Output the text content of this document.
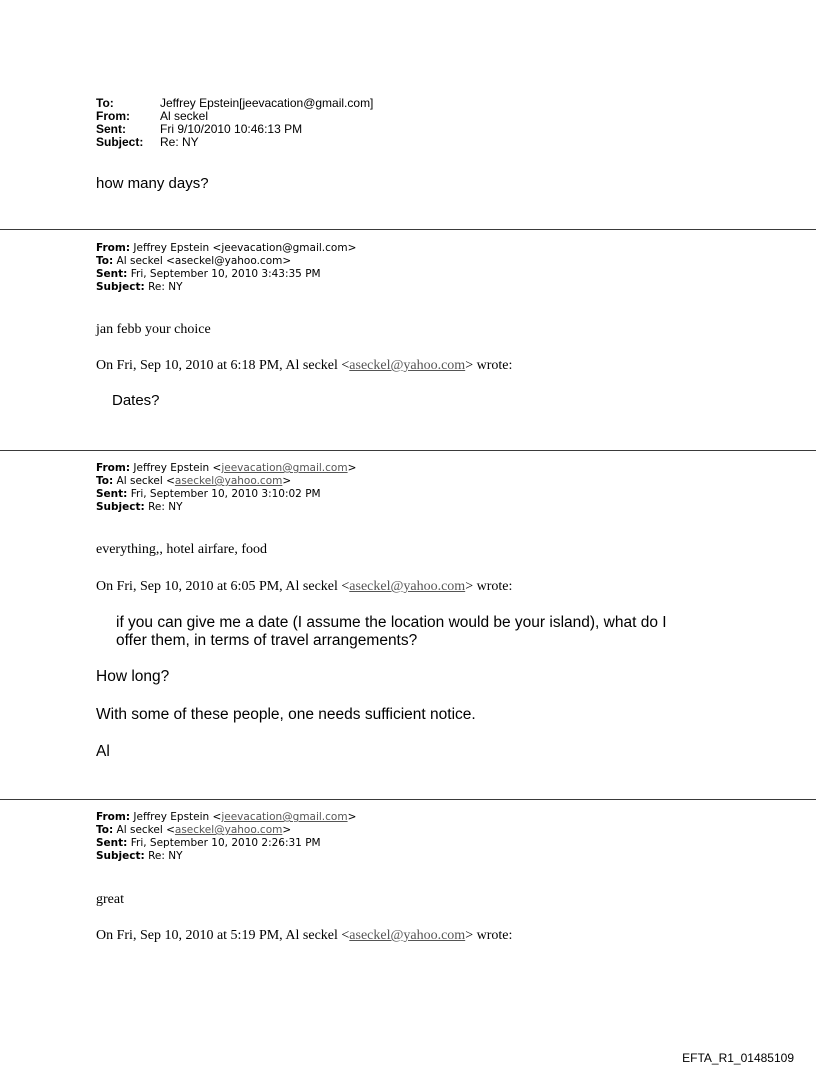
To:	Jeffrey Epstein[jeevacation@gmail.com]
From:	Al seckel
Sent:	Fri 9/10/2010 10:46:13 PM
Subject:	Re: NY
how many days?
From: Jeffrey Epstein <jeevacation@gmail.com>
To: Al seckel <aseckel@yahoo.com>
Sent: Fri, September 10, 2010 3:43:35 PM
Subject: Re: NY
jan febb your choice
On Fri, Sep 10, 2010 at 6:18 PM, Al seckel <aseckel@yahoo.com> wrote:
Dates?
From: Jeffrey Epstein <jeevacation@gmail.com>
To: Al seckel <aseckel@yahoo.com>
Sent: Fri, September 10, 2010 3:10:02 PM
Subject: Re: NY
everything,, hotel airfare, food
On Fri, Sep 10, 2010 at 6:05 PM, Al seckel <aseckel@yahoo.com> wrote:
if you can give me a date (I assume the location would be your island), what do I
offer them, in terms of travel arrangements?
How long?
With some of these people, one needs sufficient notice.
Al
From: Jeffrey Epstein <jeevacation@gmail.com>
To: Al seckel <aseckel@yahoo.com>
Sent: Fri, September 10, 2010 2:26:31 PM
Subject: Re: NY
great
On Fri, Sep 10, 2010 at 5:19 PM, Al seckel <aseckel@yahoo.com> wrote:
EFTA_R1_01485109
